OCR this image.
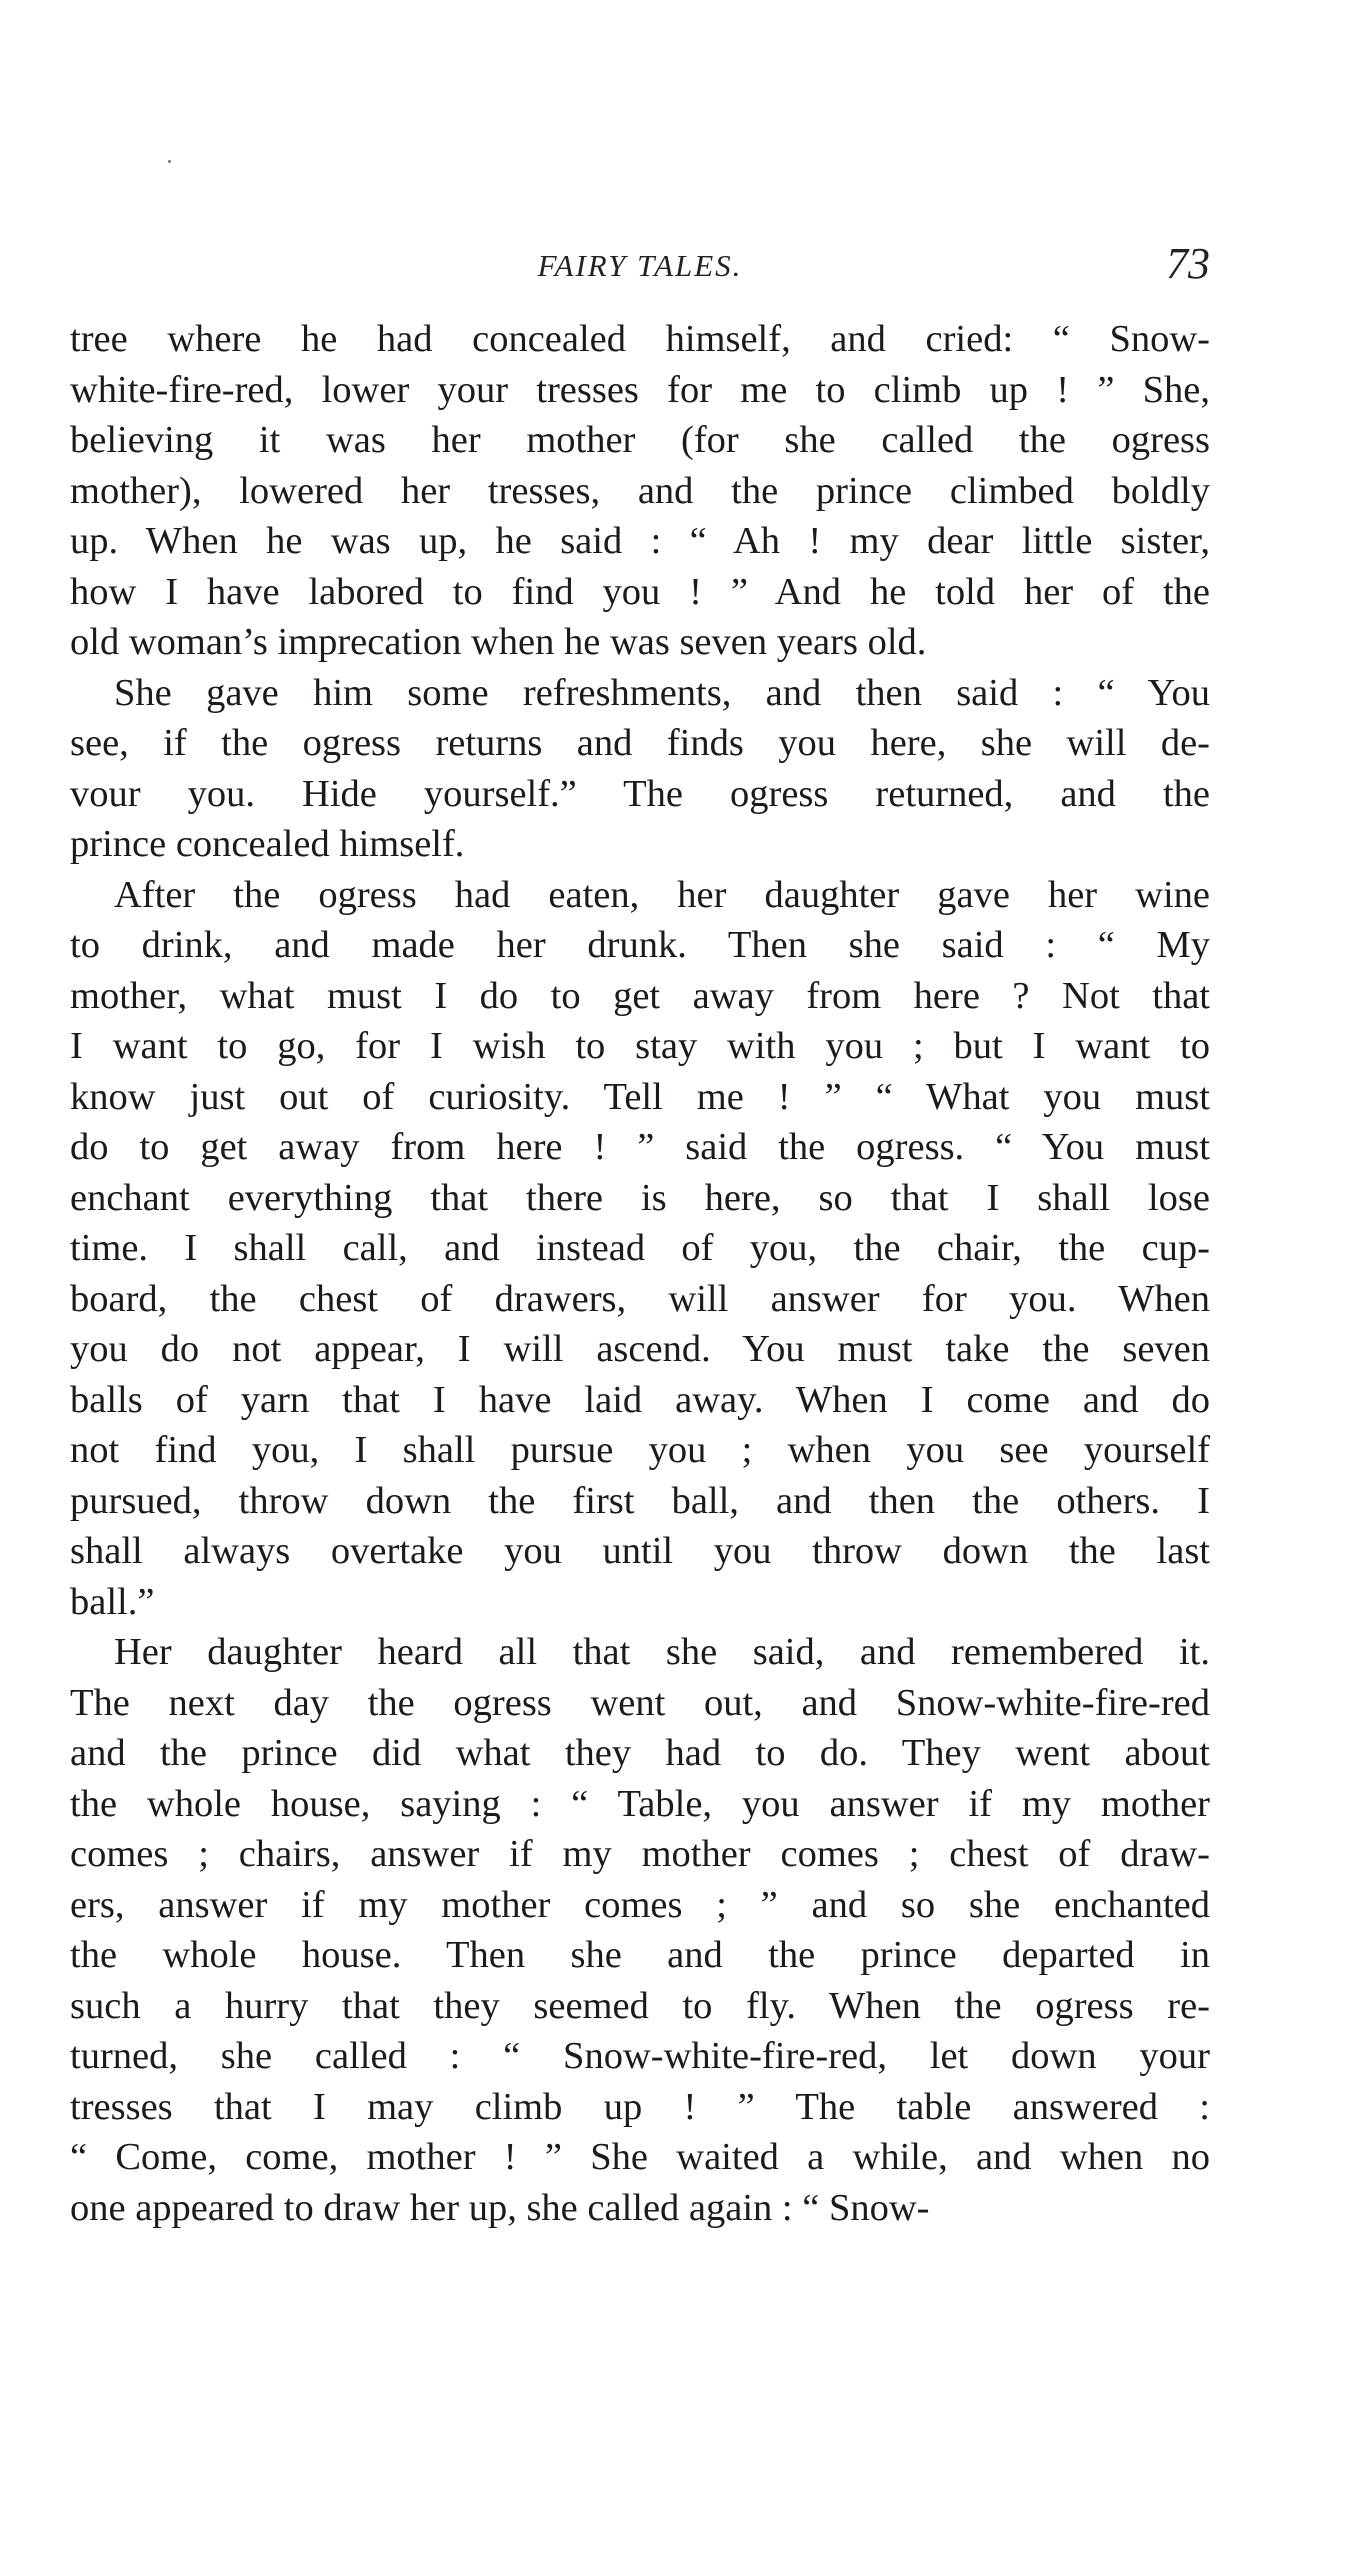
FAIRY TALES.	73
tree where he had concealed himself, and cried: “ Snow-
white-fire-red, lower your tresses for me to climb up ! ” She,
believing it was her mother (for she called the ogress
mother), lowered her tresses, and the prince climbed boldly
up. When he was up, he said : “ Ah ! my dear little sister,
how I have labored to find you ! ” And he told her of the
old woman’s imprecation when he was seven years old.
She gave him some refreshments, and then said : “ You
see, if the ogress returns and finds you here, she will de-
vour you. Hide yourself.” The ogress returned, and the
prince concealed himself.
After the ogress had eaten, her daughter gave her wine
to drink, and made her drunk. Then she said : “ My
mother, what must I do to get away from here ? Not that
I want to go, for I wish to stay with you ; but I want to
know just out of curiosity. Tell me ! ” “ What you must
do to get away from here ! ” said the ogress. “ You must
enchant everything that there is here, so that I shall lose
time. I shall call, and instead of you, the chair, the cup-
board, the chest of drawers, will answer for you. When
you do not appear, I will ascend. You must take the seven
balls of yarn that I have laid away. When I come and do
not find you, I shall pursue you ; when you see yourself
pursued, throw down the first ball, and then the others. I
shall always overtake you until you throw down the last
ball.”
Her daughter heard all that she said, and remembered it.
The next day the ogress went out, and Snow-white-fire-red
and the prince did what they had to do. They went about
the whole house, saying : “ Table, you answer if my mother
comes ; chairs, answer if my mother comes ; chest of draw-
ers, answer if my mother comes ; ” and so she enchanted
the whole house. Then she and the prince departed in
such a hurry that they seemed to fly. When the ogress re-
turned, she called : “ Snow-white-fire-red, let down your
tresses that I may climb up ! ” The table answered :
“ Come, come, mother ! ” She waited a while, and when no
one appeared to draw her up, she called again : “ Snow-
